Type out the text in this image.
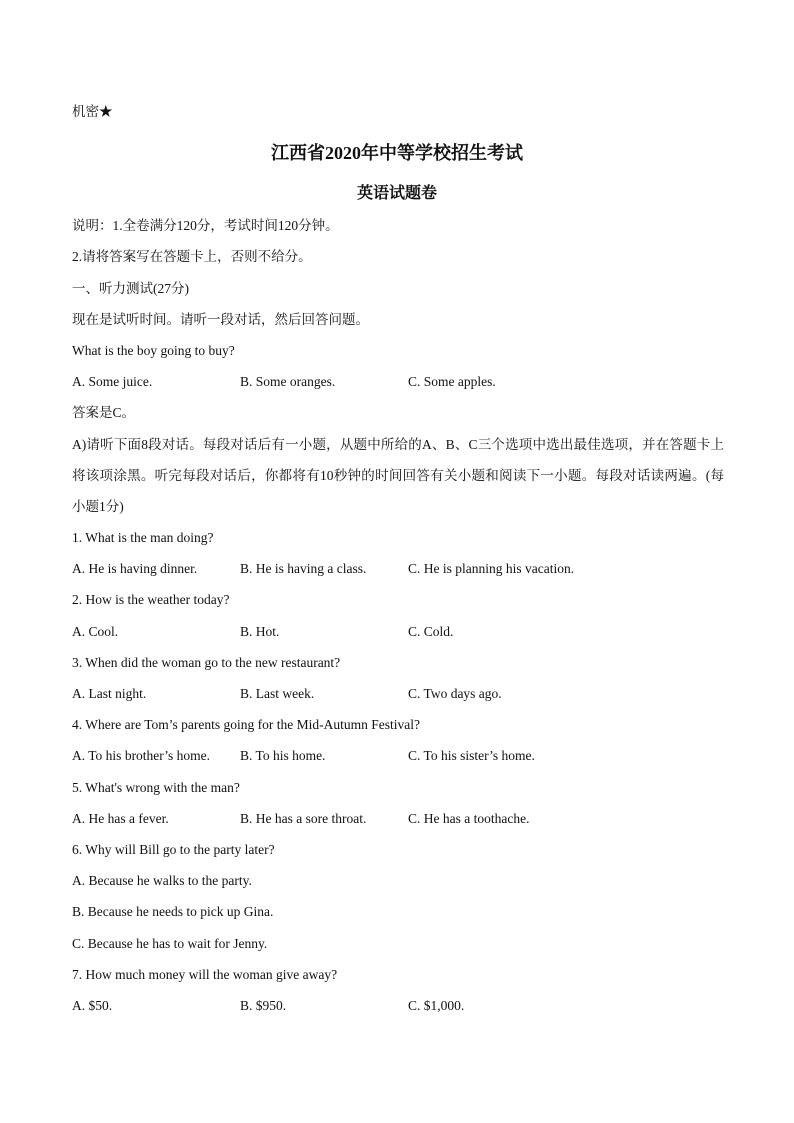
机密★
江西省2020年中等学校招生考试
英语试题卷
说明：1.全卷满分120分，考试时间120分钟。
2.请将答案写在答题卡上，否则不给分。
一、听力测试(27分)
现在是试听时间。请听一段对话，然后回答问题。
What is the boy going to buy?
A. Some juice.	B. Some oranges.	C. Some apples.
答案是C。
A)请听下面8段对话。每段对话后有一小题，从题中所给的A、B、C三个选项中选出最佳选项，并在答题卡上将该项涂黑。听完每段对话后，你都将有10秒钟的时间回答有关小题和阅读下一小题。每段对话读两遍。(每小题1分)
1. What is the man doing?
A. He is having dinner.	B. He is having a class.	C. He is planning his vacation.
2. How is the weather today?
A. Cool.	B. Hot.	C. Cold.
3. When did the woman go to the new restaurant?
A. Last night.	B. Last week.	C. Two days ago.
4. Where are Tom’s parents going for the Mid-Autumn Festival?
A. To his brother’s home. B. To his home.	C. To his sister’s home.
5. What's wrong with the man?
A. He has a fever.	B. He has a sore throat.	C. He has a toothache.
6. Why will Bill go to the party later?
A. Because he walks to the party.
B. Because he needs to pick up Gina.
C. Because he has to wait for Jenny.
7. How much money will the woman give away?
A. $50.	B. $950.	C. $1,000.
